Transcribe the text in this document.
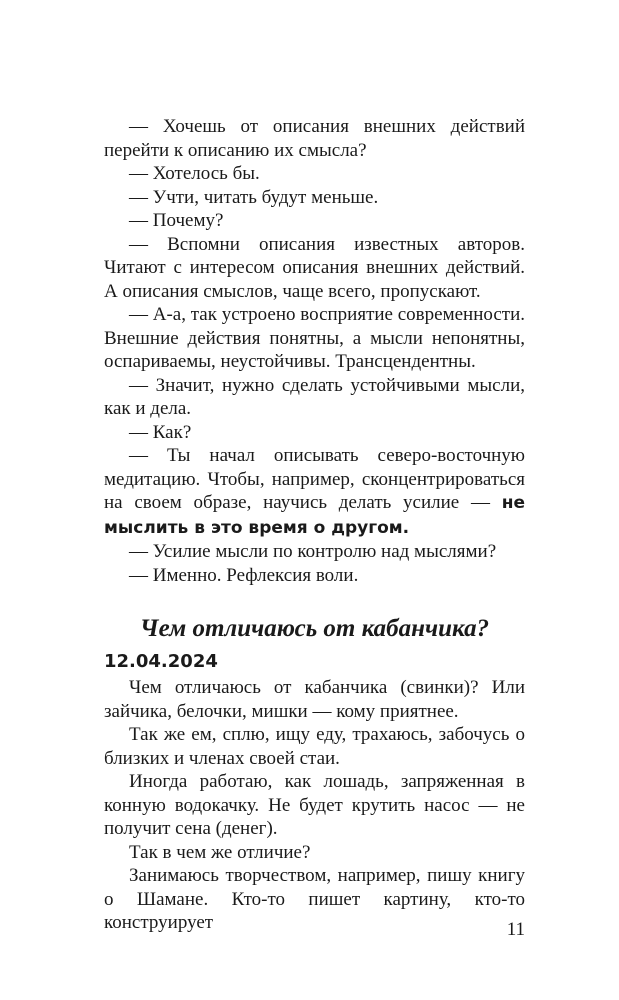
— Хочешь от описания внешних действий перейти к описанию их смысла?

— Хотелось бы.

— Учти, читать будут меньше.

— Почему?

— Вспомни описания известных авторов. Читают с интересом описания внешних действий. А описания смыслов, чаще всего, пропускают.

— А-а, так устроено восприятие современности. Внешние действия понятны, а мысли непонятны, оспариваемы, неустойчивы. Трансцендентны.

— Значит, нужно сделать устойчивыми мысли, как и дела.

— Как?

— Ты начал описывать северо-восточную медитацию. Чтобы, например, сконцентрироваться на своем образе, научись делать усилие — не мыслить в это время о другом.

— Усилие мысли по контролю над мыслями?

— Именно. Рефлексия воли.

Чем отличаюсь от кабанчика?
12.04.2024

Чем отличаюсь от кабанчика (свинки)? Или зайчика, белочки, мишки — кому приятнее.

Так же ем, сплю, ищу еду, трахаюсь, забочусь о близких и членах своей стаи.

Иногда работаю, как лошадь, запряженная в конную водокачку. Не будет крутить насос — не получит сена (денег).

Так в чем же отличие?

Занимаюсь творчеством, например, пишу книгу о Шамане. Кто-то пишет картину, кто-то конструирует	11
